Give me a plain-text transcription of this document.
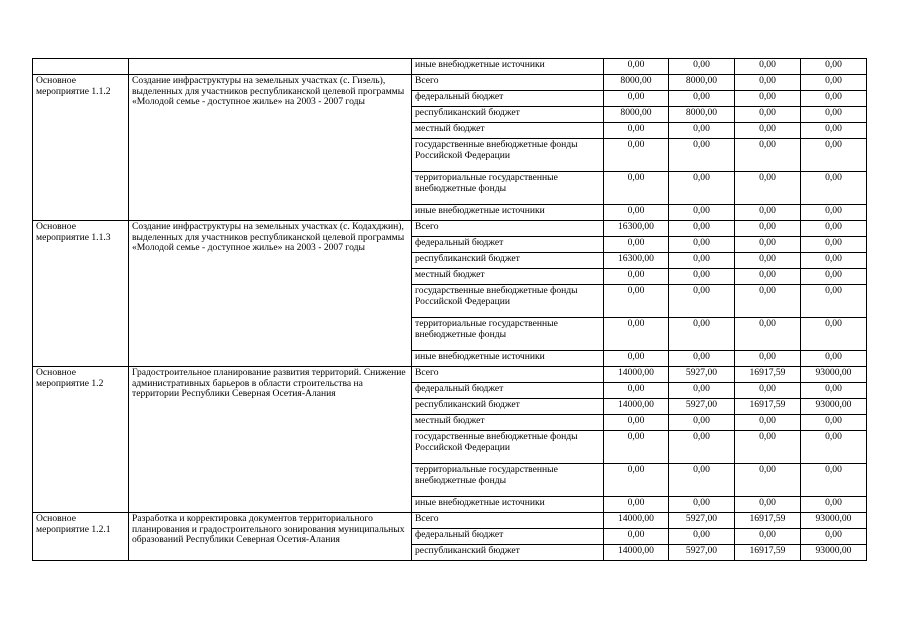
		иные внебюджетные источники	0,00	0,00	0,00	0,00
Основное мероприятие 1.1.2	Создание инфраструктуры на земельных участках (с. Гизель), выделенных для участников республиканской целевой программы «Молодой семье - доступное жилье» на 2003 - 2007 годы	Всего	8000,00	8000,00	0,00	0,00
		федеральный бюджет	0,00	0,00	0,00	0,00
		республиканский бюджет	8000,00	8000,00	0,00	0,00
		местный бюджет	0,00	0,00	0,00	0,00
		государственные внебюджетные фонды Российской Федерации	0,00	0,00	0,00	0,00
		территориальные государственные внебюджетные фонды	0,00	0,00	0,00	0,00
		иные внебюджетные источники	0,00	0,00	0,00	0,00
Основное мероприятие 1.1.3	Создание инфраструктуры на земельных участках (с. Кодахджин), выделенных для участников республиканской целевой программы «Молодой семье - доступное жилье» на 2003 - 2007 годы	Всего	16300,00	0,00	0,00	0,00
		федеральный бюджет	0,00	0,00	0,00	0,00
		республиканский бюджет	16300,00	0,00	0,00	0,00
		местный бюджет	0,00	0,00	0,00	0,00
		государственные внебюджетные фонды Российской Федерации	0,00	0,00	0,00	0,00
		территориальные государственные внебюджетные фонды	0,00	0,00	0,00	0,00
		иные внебюджетные источники	0,00	0,00	0,00	0,00
Основное мероприятие 1.2	Градостроительное планирование развития территорий. Снижение административных барьеров в области строительства на территории Республики Северная Осетия-Алания	Всего	14000,00	5927,00	16917,59	93000,00
		федеральный бюджет	0,00	0,00	0,00	0,00
		республиканский бюджет	14000,00	5927,00	16917,59	93000,00
		местный бюджет	0,00	0,00	0,00	0,00
		государственные внебюджетные фонды Российской Федерации	0,00	0,00	0,00	0,00
		территориальные государственные внебюджетные фонды	0,00	0,00	0,00	0,00
		иные внебюджетные источники	0,00	0,00	0,00	0,00
Основное мероприятие 1.2.1	Разработка и корректировка документов территориального планирования и градостроительного зонирования муниципальных образований Республики Северная Осетия-Алания	Всего	14000,00	5927,00	16917,59	93000,00
		федеральный бюджет	0,00	0,00	0,00	0,00
		республиканский бюджет	14000,00	5927,00	16917,59	93000,00
